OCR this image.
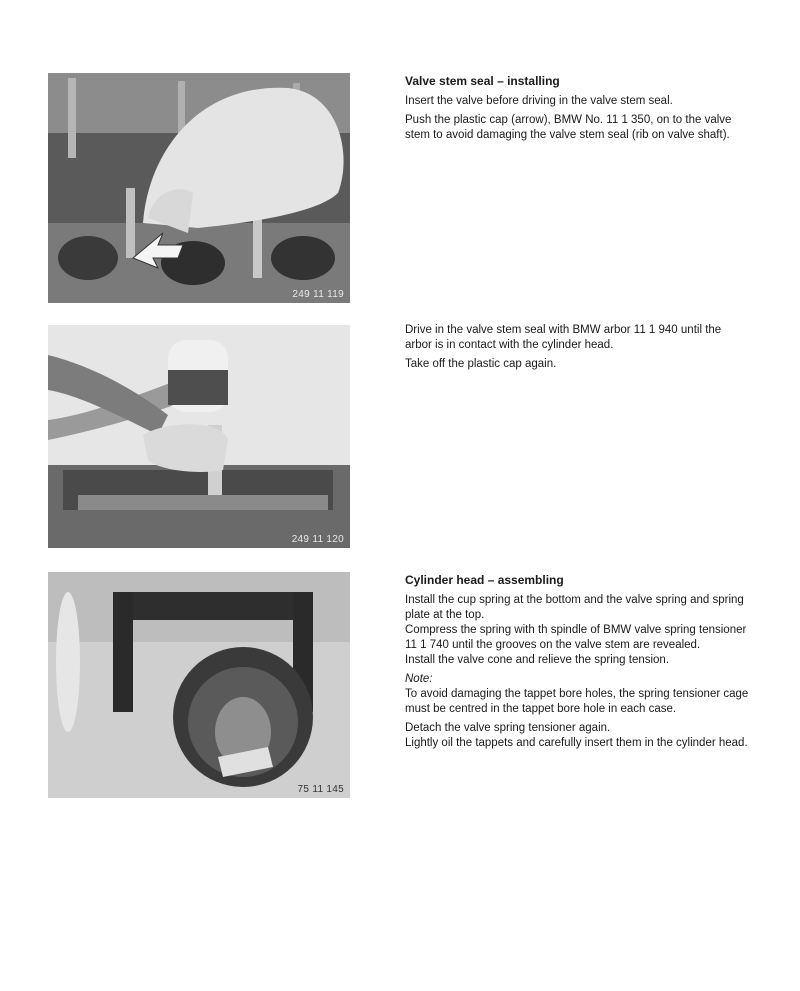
249 11 119
Valve stem seal – installing

Insert the valve before driving in the valve stem seal.

Push the plastic cap (arrow), BMW No. 11 1 350, on to the valve stem to avoid damaging the valve stem seal (rib on valve shaft).

249 11 120

Drive in the valve stem seal with BMW arbor 11 1 940 until the arbor is in contact with the cylinder head.

Take off the plastic cap again.

75 11 145
Cylinder head – assembling

Install the cup spring at the bottom and the valve spring and spring plate at the top.

Compress the spring with th spindle of BMW valve spring tensioner 11 1 740 until the grooves on the valve stem are revealed.

Install the valve cone and relieve the spring tension.

Note:

To avoid damaging the tappet bore holes, the spring tensioner cage must be centred in the tappet bore hole in each case.

Detach the valve spring tensioner again.

Lightly oil the tappets and carefully insert them in the cylinder head.
